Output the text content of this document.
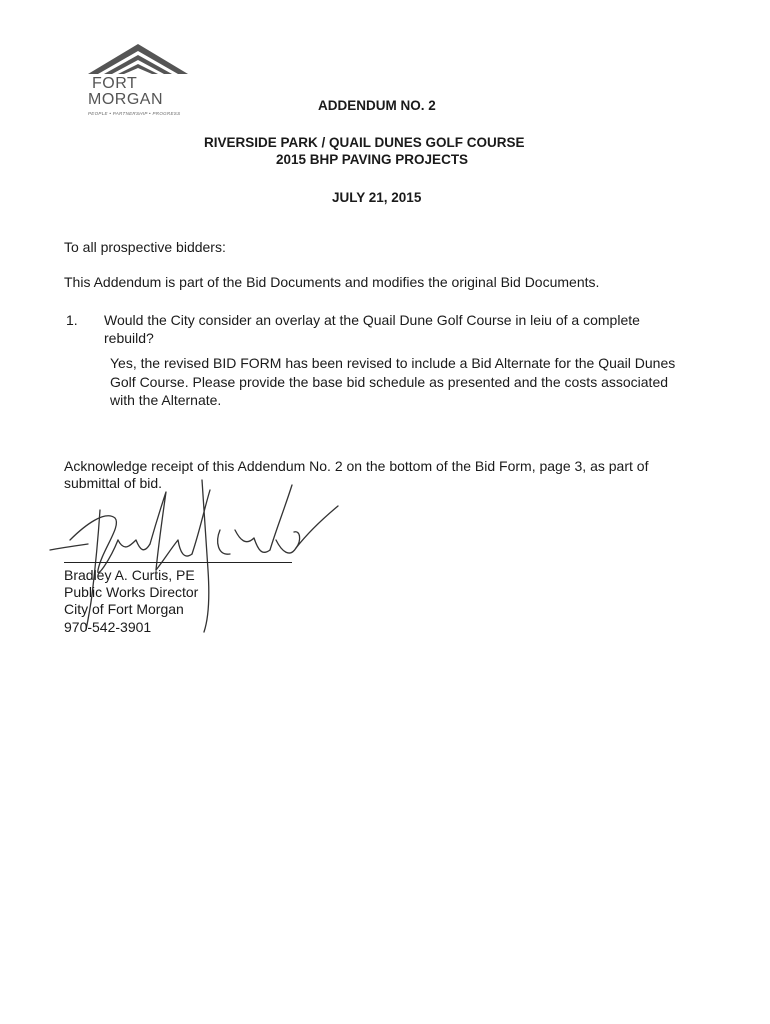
FORT
MORGAN
PEOPLE • PARTNERSHIP • PROGRESS
ADDENDUM NO. 2
RIVERSIDE PARK / QUAIL DUNES GOLF COURSE
2015 BHP PAVING PROJECTS
JULY 21, 2015
To all prospective bidders:
This Addendum is part of the Bid Documents and modifies the original Bid Documents.
1. Would the City consider an overlay at the Quail Dune Golf Course in leiu of a complete
rebuild?
Yes, the revised BID FORM has been revised to include a Bid Alternate for the Quail Dunes
Golf Course. Please provide the base bid schedule as presented and the costs associated
with the Alternate.
Acknowledge receipt of this Addendum No. 2 on the bottom of the Bid Form, page 3, as part of
submittal of bid.
Bradley A. Curtis, PE
Public Works Director
City of Fort Morgan
970-542-3901
